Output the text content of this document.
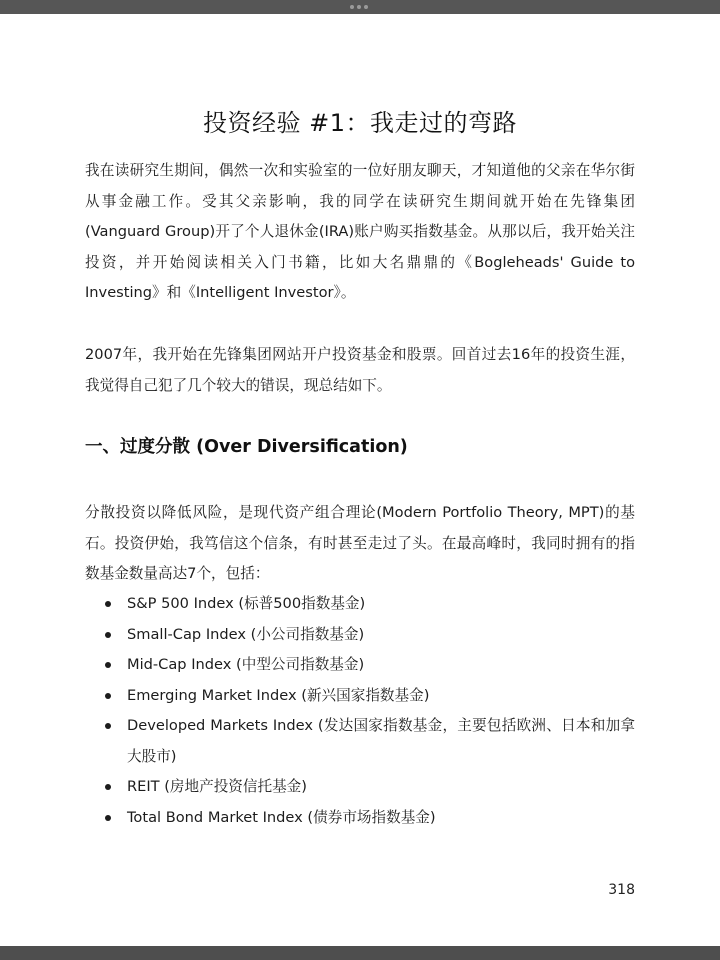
投资经验 #1：我走过的弯路

我在读研究生期间，偶然一次和实验室的一位好朋友聊天，才知道他的父亲在华尔街从事金融工作。受其父亲影响，我的同学在读研究生期间就开始在先锋集团(Vanguard Group)开了个人退休金(IRA)账户购买指数基金。从那以后，我开始关注投资，并开始阅读相关入门书籍，比如大名鼎鼎的《Bogleheads' Guide to Investing》和《Intelligent Investor》。

2007年，我开始在先锋集团网站开户投资基金和股票。回首过去16年的投资生涯，我觉得自己犯了几个较大的错误，现总结如下。

一、过度分散 (Over Diversification)

分散投资以降低风险，是现代资产组合理论(Modern Portfolio Theory, MPT)的基石。投资伊始，我笃信这个信条，有时甚至走过了头。在最高峰时，我同时拥有的指数基金数量高达7个，包括：

S&P 500 Index (标普500指数基金)
Small-Cap Index (小公司指数基金)
Mid-Cap Index (中型公司指数基金)
Emerging Market Index (新兴国家指数基金)
Developed Markets Index (发达国家指数基金，主要包括欧洲、日本和加拿大股市)
REIT (房地产投资信托基金)
Total Bond Market Index (债券市场指数基金)
318
